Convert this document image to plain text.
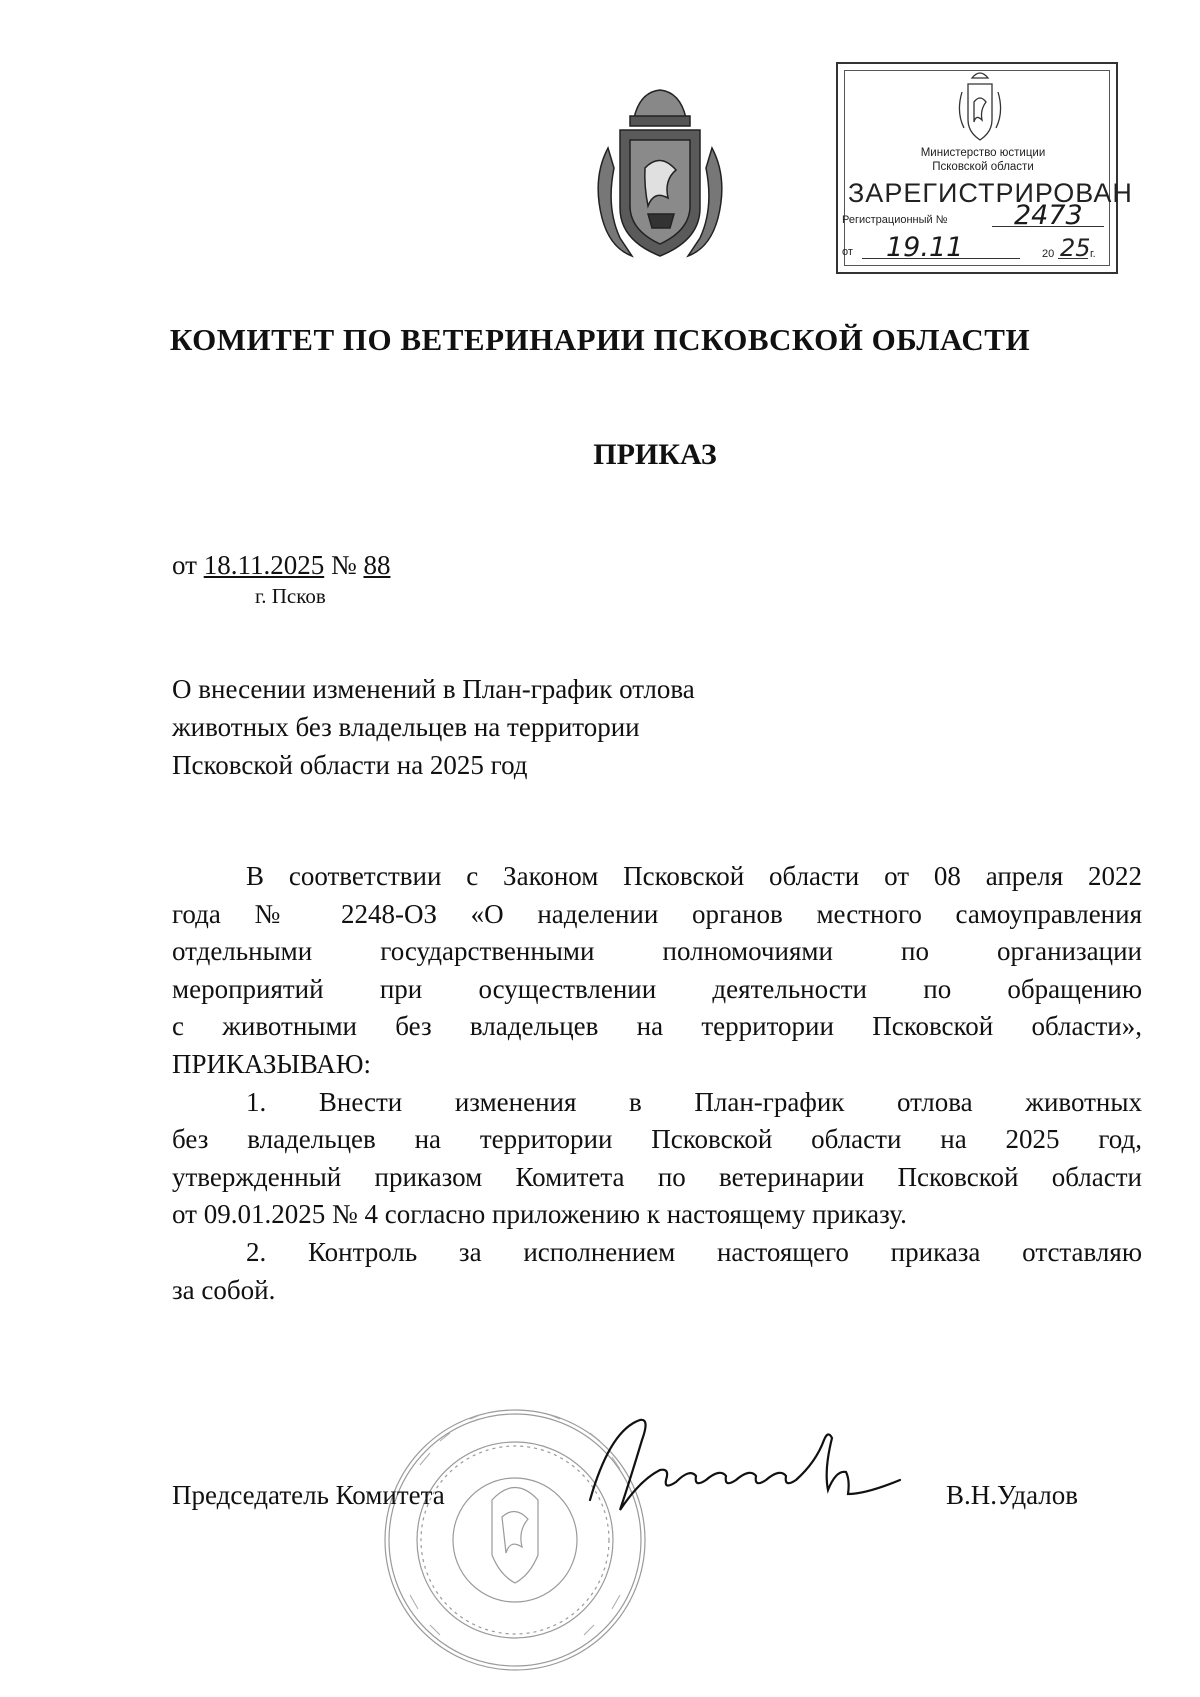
Министерство юстиции
Псковской области
ЗАРЕГИСТРИРОВАН
Регистрационный № 2473
от 19.11	20 25 г.
КОМИТЕТ ПО ВЕТЕРИНАРИИ ПСКОВСКОЙ ОБЛАСТИ
ПРИКАЗ
от 18.11.2025 № 88
г. Псков
О внесении изменений в План-график отлова
животных без владельцев на территории
Псковской области на 2025 год
В соответствии с Законом Псковской области от 08 апреля 2022
года № 2248-ОЗ «О наделении органов местного самоуправления
отдельными государственными полномочиями по организации
мероприятий при осуществлении деятельности по обращению
с животными без владельцев на территории Псковской области»,
ПРИКАЗЫВАЮ:
1. Внести изменения в План-график отлова животных
без владельцев на территории Псковской области на 2025 год,
утвержденный приказом Комитета по ветеринарии Псковской области
от 09.01.2025 № 4 согласно приложению к настоящему приказу.
2. Контроль за исполнением настоящего приказа отставляю
за собой.
Председатель Комитета	В.Н.Удалов
